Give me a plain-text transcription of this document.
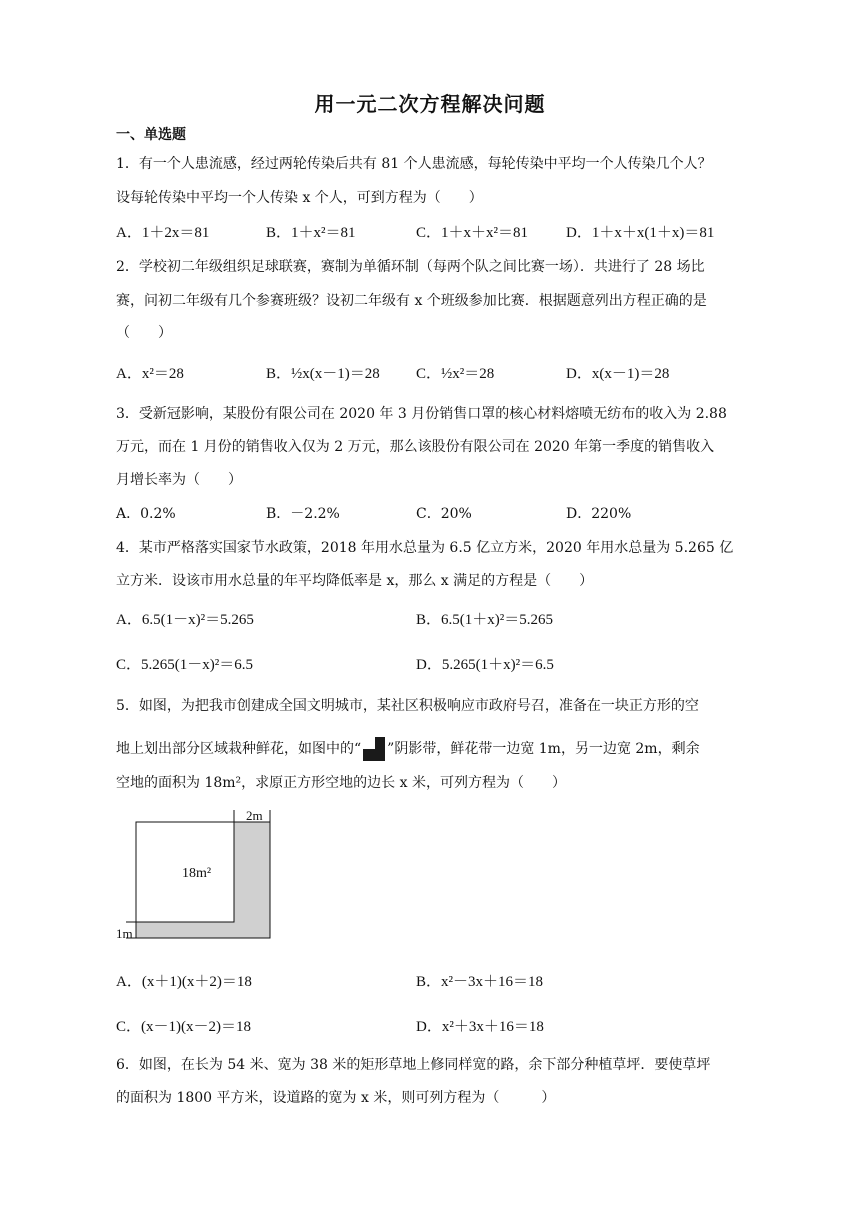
用一元二次方程解决问题
一、单选题
1．有一个人患流感，经过两轮传染后共有 81 个人患流感，每轮传染中平均一个人传染几个人？
设每轮传染中平均一个人传染 x 个人，可到方程为（　　）
A．1＋2x＝81	B．1＋x²＝81	C．1＋x＋x²＝81	D．1＋x＋x(1＋x)＝81
2．学校初二年级组织足球联赛，赛制为单循环制（每两个队之间比赛一场）．共进行了 28 场比
赛，问初二年级有几个参赛班级？设初二年级有 x 个班级参加比赛．根据题意列出方程正确的是
（　　）
A．x²＝28	B．½x(x－1)＝28 C．½x²＝28	D．x(x－1)＝28
3．受新冠影响，某股份有限公司在 2020 年 3 月份销售口罩的核心材料熔喷无纺布的收入为 2.88
万元，而在 1 月份的销售收入仅为 2 万元，那么该股份有限公司在 2020 年第一季度的销售收入
月增长率为（　　）
A．0.2%	B．－2.2%	C．20%	D．220%
4．某市严格落实国家节水政策，2018 年用水总量为 6.5 亿立方米，2020 年用水总量为 5.265 亿
立方米．设该市用水总量的年平均降低率是 x，那么 x 满足的方程是（　　）
A．6.5(1－x)²＝5.265	B．6.5(1＋x)²＝5.265
C．5.265(1－x)²＝6.5	D．5.265(1＋x)²＝6.5
5．如图，为把我市创建成全国文明城市，某社区积极响应市政府号召，准备在一块正方形的空
地上划出部分区域栽种鲜花，如图中的“ ”阴影带，鲜花带一边宽 1m，另一边宽 2m，剩余
空地的面积为 18m²，求原正方形空地的边长 x 米，可列方程为（　　）
2m
1m
18m²
A．(x＋1)(x＋2)＝18	B．x²－3x＋16＝18
C．(x－1)(x－2)＝18	D．x²＋3x＋16＝18
6．如图，在长为 54 米、宽为 38 米的矩形草地上修同样宽的路，余下部分种植草坪．要使草坪
的面积为 1800 平方米，设道路的宽为 x 米，则可列方程为（　　　）
